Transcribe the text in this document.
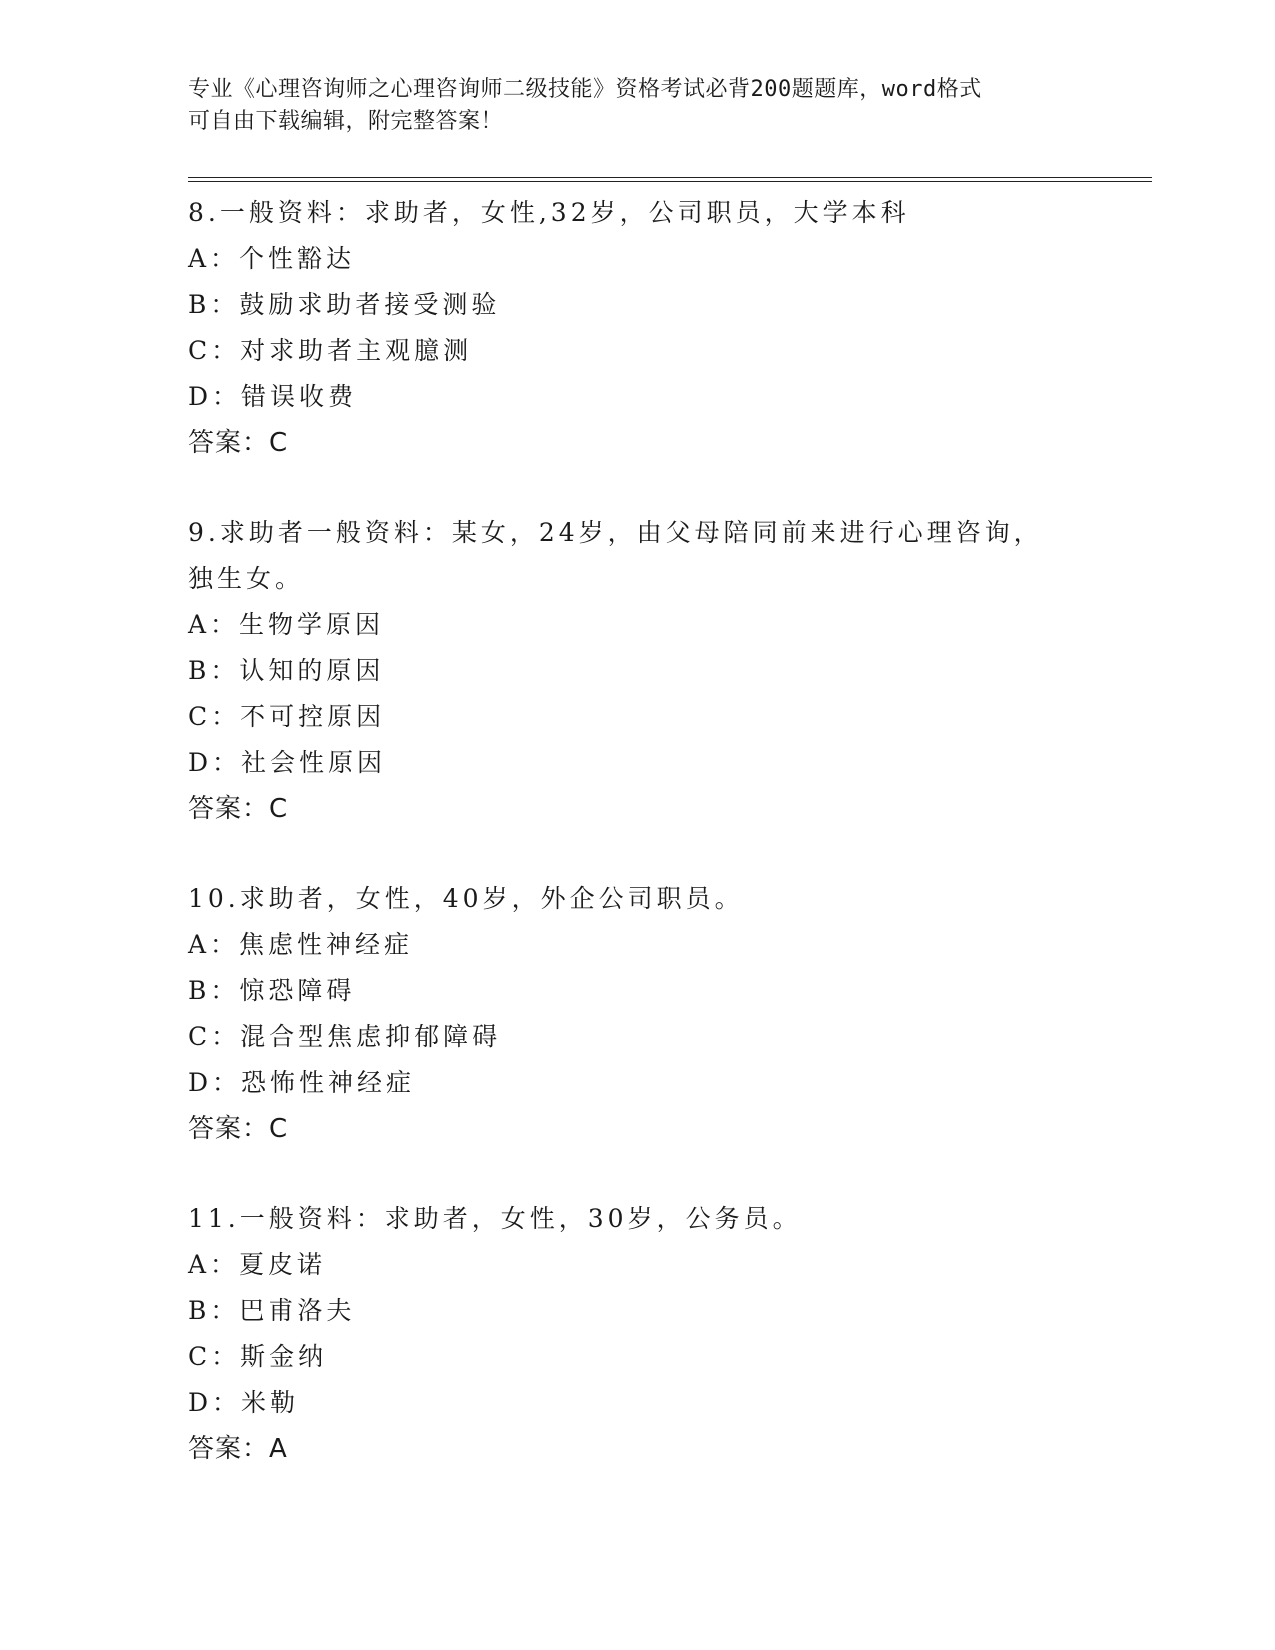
专业《心理咨询师之心理咨询师二级技能》资格考试必背200题题库，word格式
可自由下载编辑，附完整答案！
8.一般资料：求助者，女性,32岁，公司职员，大学本科
A：个性豁达
B：鼓励求助者接受测验
C：对求助者主观臆测
D：错误收费
答案：C
9.求助者一般资料：某女，24岁，由父母陪同前来进行心理咨询，独生女。
A：生物学原因
B：认知的原因
C：不可控原因
D：社会性原因
答案：C
10.求助者，女性，40岁，外企公司职员。
A：焦虑性神经症
B：惊恐障碍
C：混合型焦虑抑郁障碍
D：恐怖性神经症
答案：C
11.一般资料：求助者，女性，30岁，公务员。
A：夏皮诺
B：巴甫洛夫
C：斯金纳
D：米勒
答案：A
